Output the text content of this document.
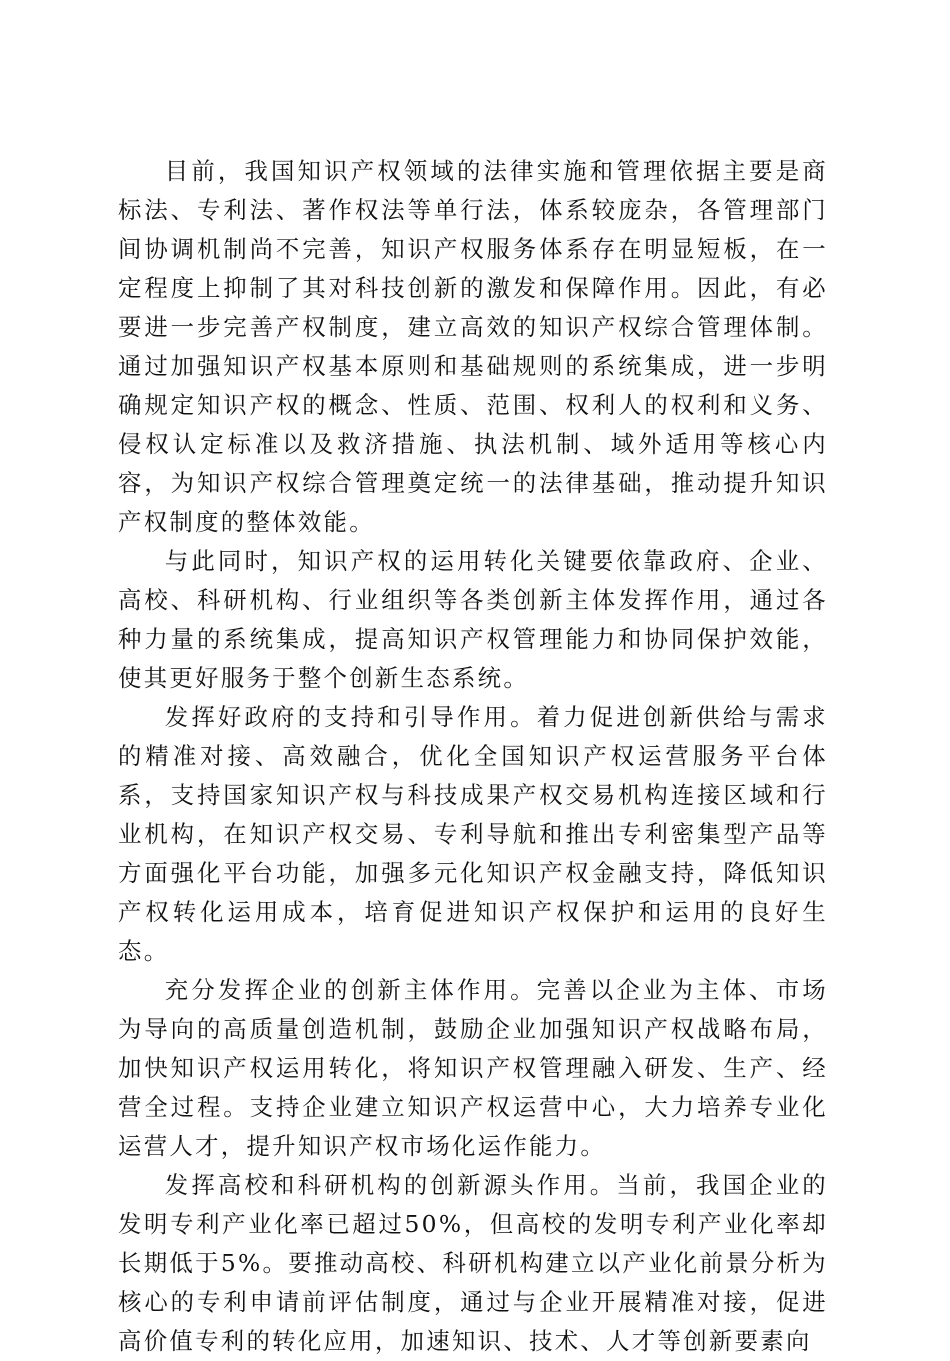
目前，我国知识产权领域的法律实施和管理依据主要是商标法、专利法、著作权法等单行法，体系较庞杂，各管理部门间协调机制尚不完善，知识产权服务体系存在明显短板，在一定程度上抑制了其对科技创新的激发和保障作用。因此，有必要进一步完善产权制度，建立高效的知识产权综合管理体制。通过加强知识产权基本原则和基础规则的系统集成，进一步明确规定知识产权的概念、性质、范围、权利人的权利和义务、侵权认定标准以及救济措施、执法机制、域外适用等核心内容，为知识产权综合管理奠定统一的法律基础，推动提升知识产权制度的整体效能。

与此同时，知识产权的运用转化关键要依靠政府、企业、高校、科研机构、行业组织等各类创新主体发挥作用，通过各种力量的系统集成，提高知识产权管理能力和协同保护效能，使其更好服务于整个创新生态系统。

发挥好政府的支持和引导作用。着力促进创新供给与需求的精准对接、高效融合，优化全国知识产权运营服务平台体系，支持国家知识产权与科技成果产权交易机构连接区域和行业机构，在知识产权交易、专利导航和推出专利密集型产品等方面强化平台功能，加强多元化知识产权金融支持，降低知识产权转化运用成本，培育促进知识产权保护和运用的良好生态。

充分发挥企业的创新主体作用。完善以企业为主体、市场为导向的高质量创造机制，鼓励企业加强知识产权战略布局，加快知识产权运用转化，将知识产权管理融入研发、生产、经营全过程。支持企业建立知识产权运营中心，大力培养专业化运营人才，提升知识产权市场化运作能力。

发挥高校和科研机构的创新源头作用。当前，我国企业的发明专利产业化率已超过50%，但高校的发明专利产业化率却长期低于5%。要推动高校、科研机构建立以产业化前景分析为核心的专利申请前评估制度，通过与企业开展精准对接，促进高价值专利的转化应用，加速知识、技术、人才等创新要素向
